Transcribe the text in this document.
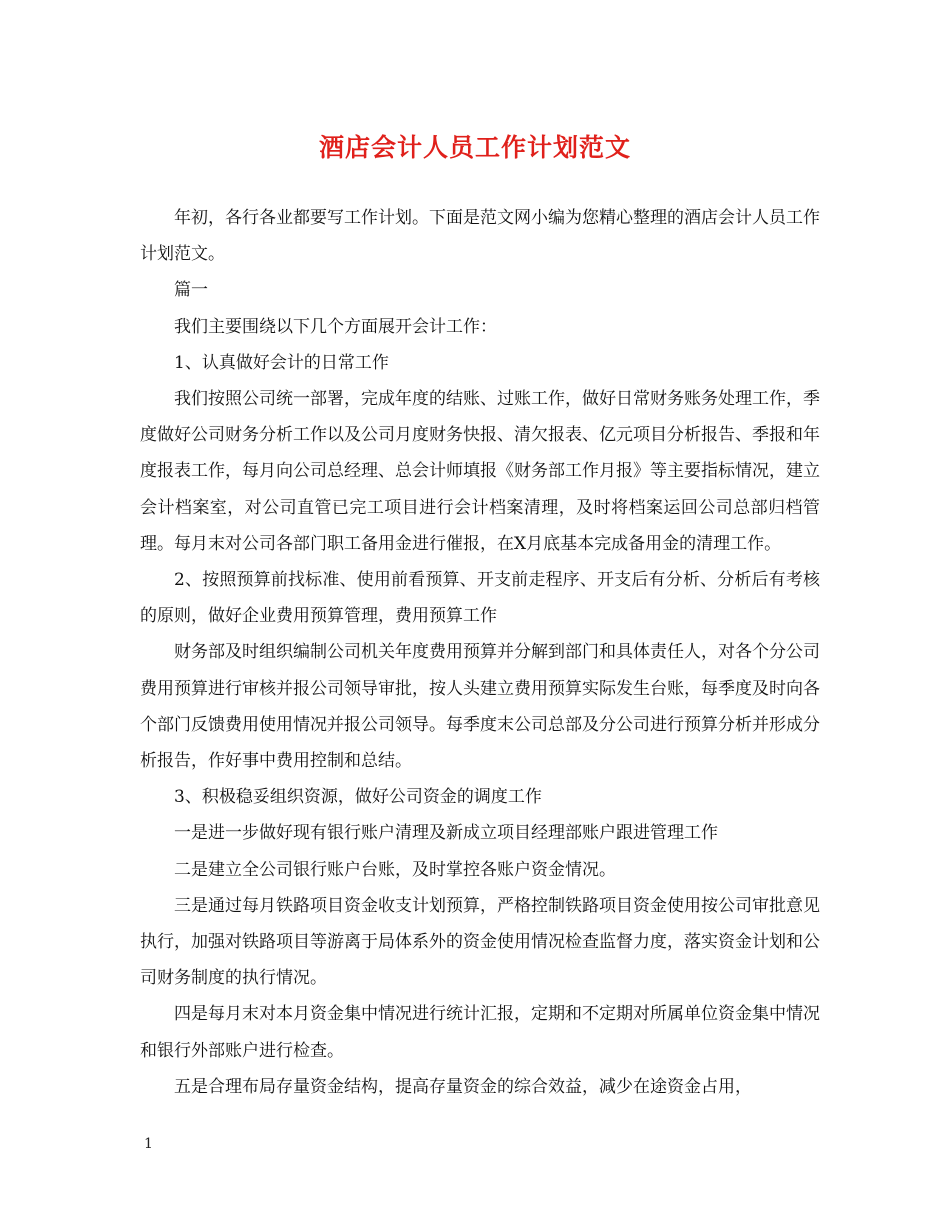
酒店会计人员工作计划范文

年初，各行各业都要写工作计划。下面是范文网小编为您精心整理的酒店会计人员工作计划范文。

篇一

我们主要围绕以下几个方面展开会计工作：

1、认真做好会计的日常工作

我们按照公司统一部署，完成年度的结账、过账工作，做好日常财务账务处理工作，季度做好公司财务分析工作以及公司月度财务快报、清欠报表、亿元项目分析报告、季报和年度报表工作，每月向公司总经理、总会计师填报《财务部工作月报》等主要指标情况，建立会计档案室，对公司直管已完工项目进行会计档案清理，及时将档案运回公司总部归档管理。每月末对公司各部门职工备用金进行催报，在X月底基本完成备用金的清理工作。

2、按照预算前找标准、使用前看预算、开支前走程序、开支后有分析、分析后有考核的原则，做好企业费用预算管理，费用预算工作

财务部及时组织编制公司机关年度费用预算并分解到部门和具体责任人，对各个分公司费用预算进行审核并报公司领导审批，按人头建立费用预算实际发生台账，每季度及时向各个部门反馈费用使用情况并报公司领导。每季度末公司总部及分公司进行预算分析并形成分析报告，作好事中费用控制和总结。

3、积极稳妥组织资源，做好公司资金的调度工作

一是进一步做好现有银行账户清理及新成立项目经理部账户跟进管理工作

二是建立全公司银行账户台账，及时掌控各账户资金情况。

三是通过每月铁路项目资金收支计划预算，严格控制铁路项目资金使用按公司审批意见执行，加强对铁路项目等游离于局体系外的资金使用情况检查监督力度，落实资金计划和公司财务制度的执行情况。

四是每月末对本月资金集中情况进行统计汇报，定期和不定期对所属单位资金集中情况和银行外部账户进行检查。

五是合理布局存量资金结构，提高存量资金的综合效益，减少在途资金占用，

1
